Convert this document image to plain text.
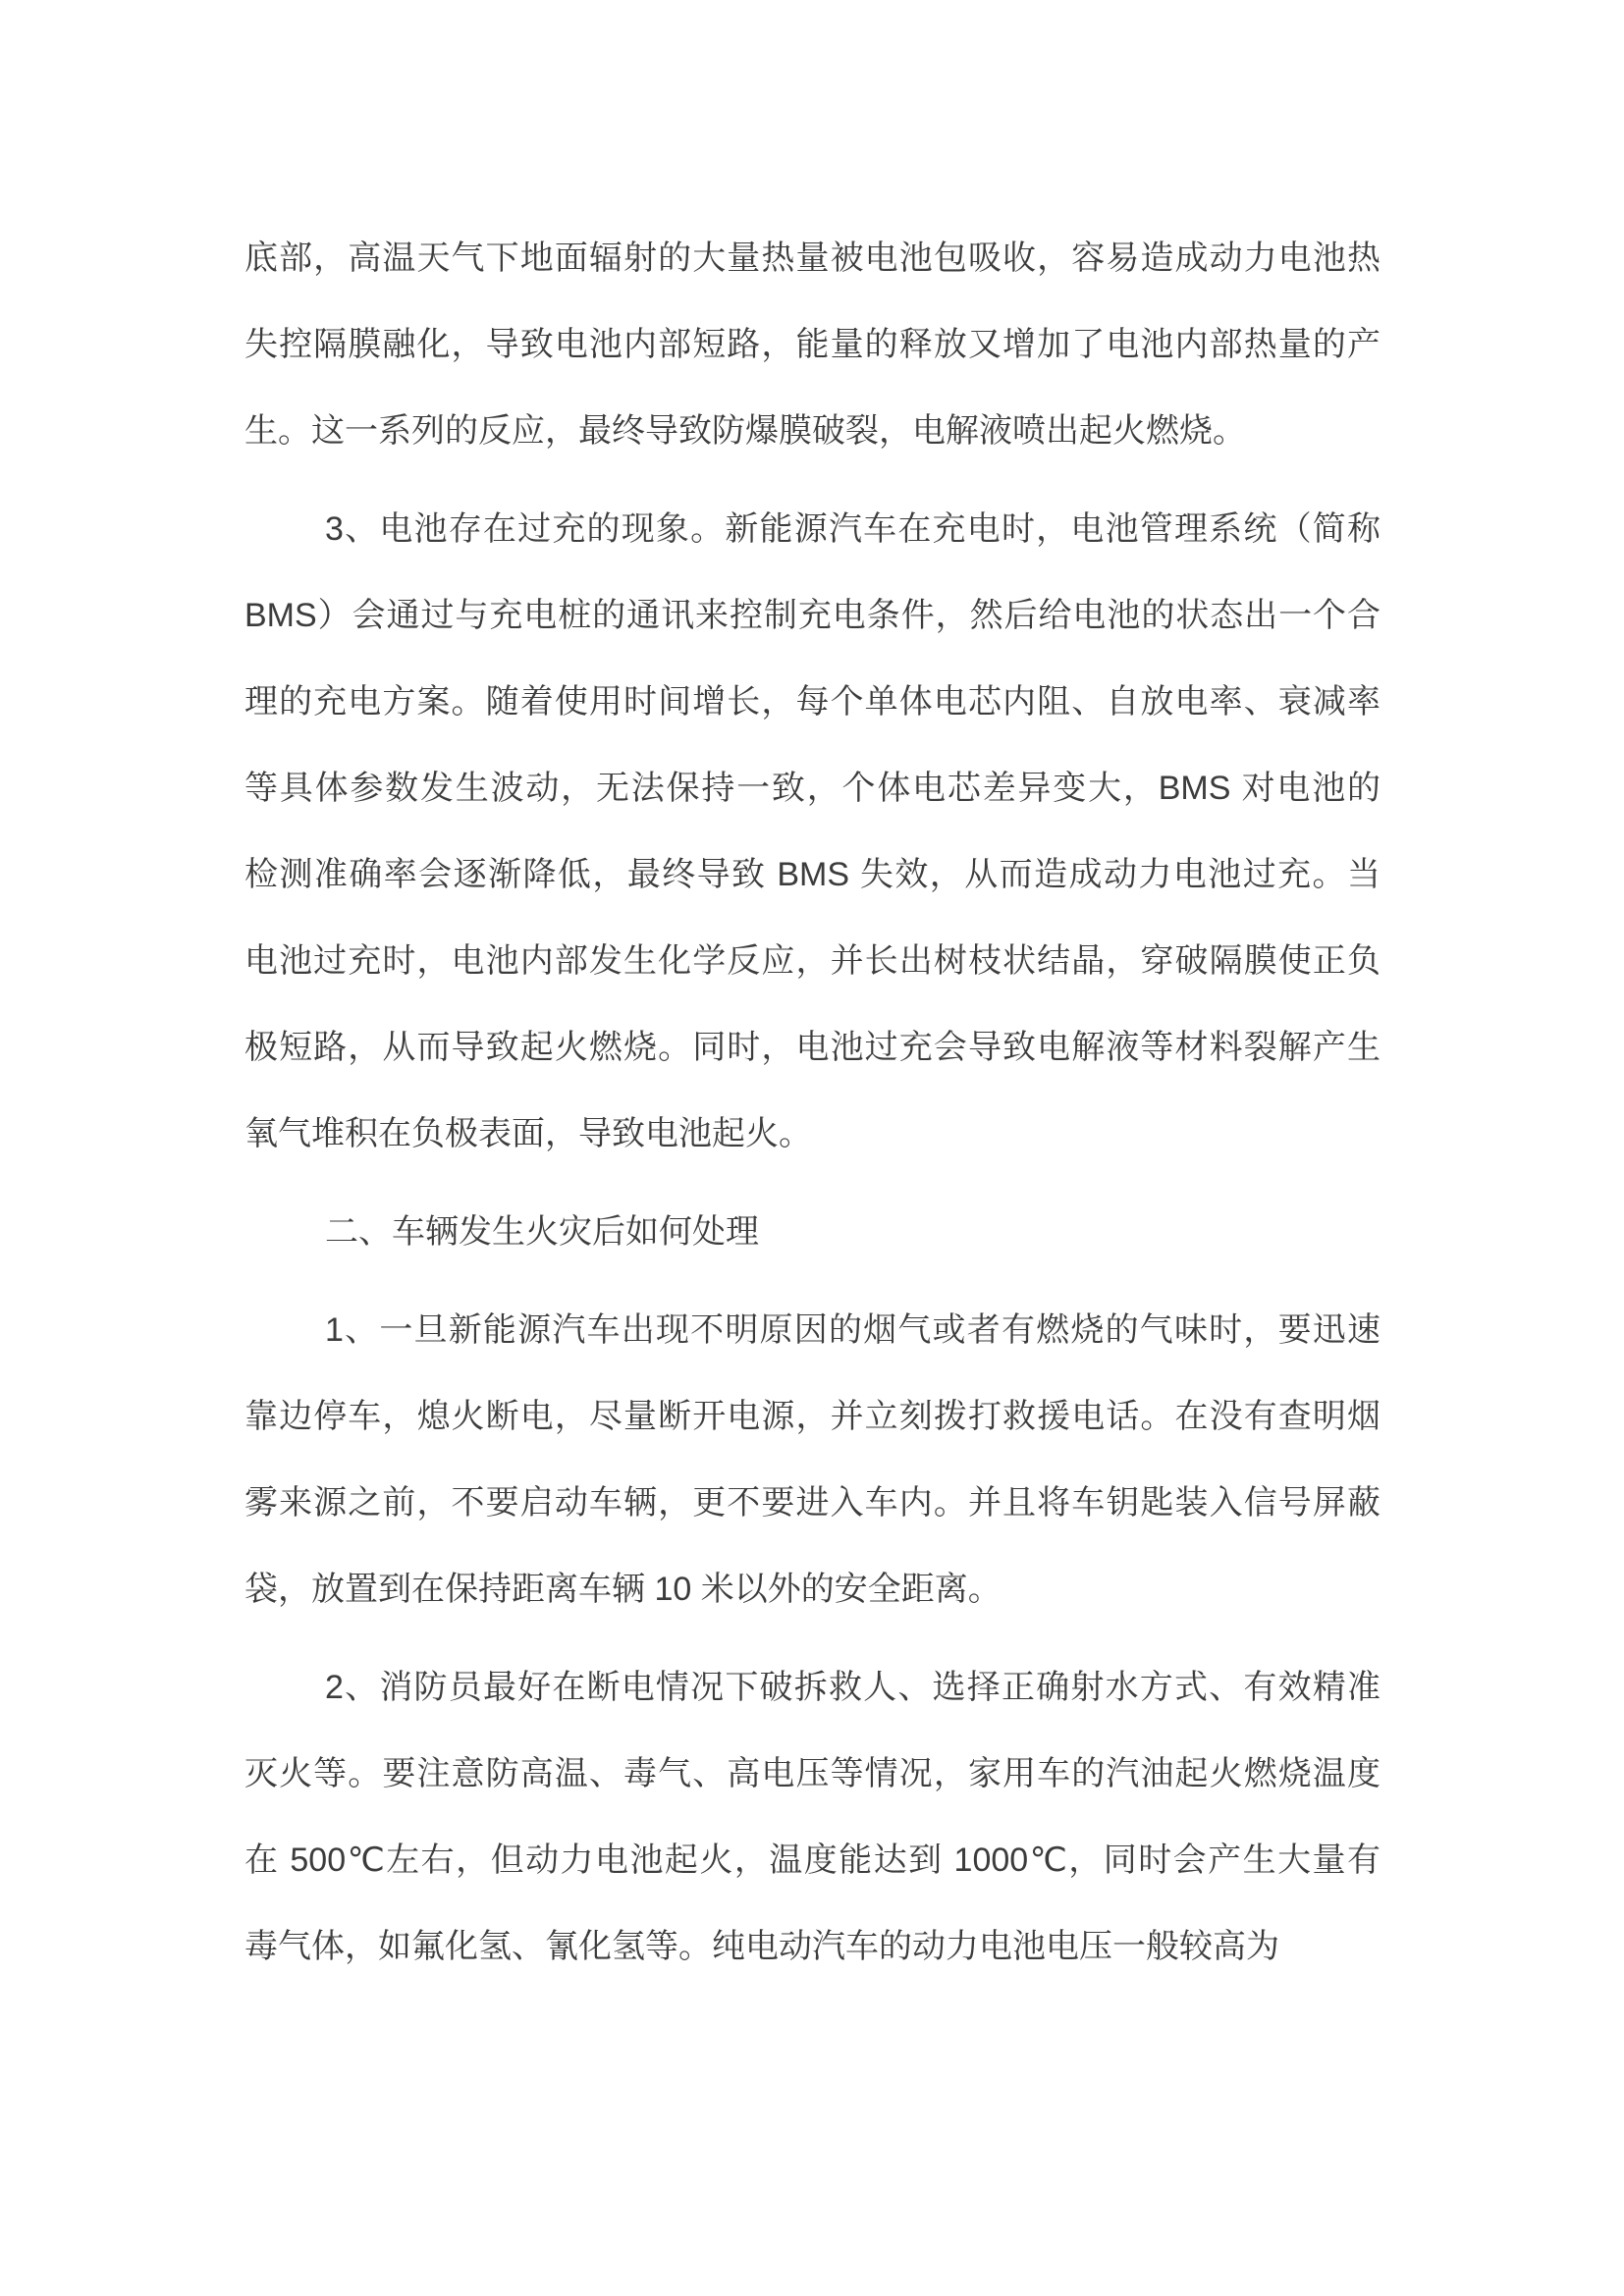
底部，高温天气下地面辐射的大量热量被电池包吸收，容易造成动力电池热
失控隔膜融化，导致电池内部短路，能量的释放又增加了电池内部热量的产
生。这一系列的反应，最终导致防爆膜破裂，电解液喷出起火燃烧。
3、电池存在过充的现象。新能源汽车在充电时，电池管理系统（简称
BMS）会通过与充电桩的通讯来控制充电条件，然后给电池的状态出一个合
理的充电方案。随着使用时间增长，每个单体电芯内阻、自放电率、衰减率
等具体参数发生波动，无法保持一致，个体电芯差异变大，BMS 对电池的
检测准确率会逐渐降低，最终导致 BMS 失效，从而造成动力电池过充。当
电池过充时，电池内部发生化学反应，并长出树枝状结晶，穿破隔膜使正负
极短路，从而导致起火燃烧。同时，电池过充会导致电解液等材料裂解产生
氧气堆积在负极表面，导致电池起火。
二、车辆发生火灾后如何处理
1、一旦新能源汽车出现不明原因的烟气或者有燃烧的气味时，要迅速
靠边停车，熄火断电，尽量断开电源，并立刻拨打救援电话。在没有查明烟
雾来源之前，不要启动车辆，更不要进入车内。并且将车钥匙装入信号屏蔽
袋，放置到在保持距离车辆 10 米以外的安全距离。
2、消防员最好在断电情况下破拆救人、选择正确射水方式、有效精准
灭火等。要注意防高温、毒气、高电压等情况，家用车的汽油起火燃烧温度
在 500℃左右，但动力电池起火，温度能达到 1000℃，同时会产生大量有
毒气体，如氟化氢、氰化氢等。纯电动汽车的动力电池电压一般较高为
